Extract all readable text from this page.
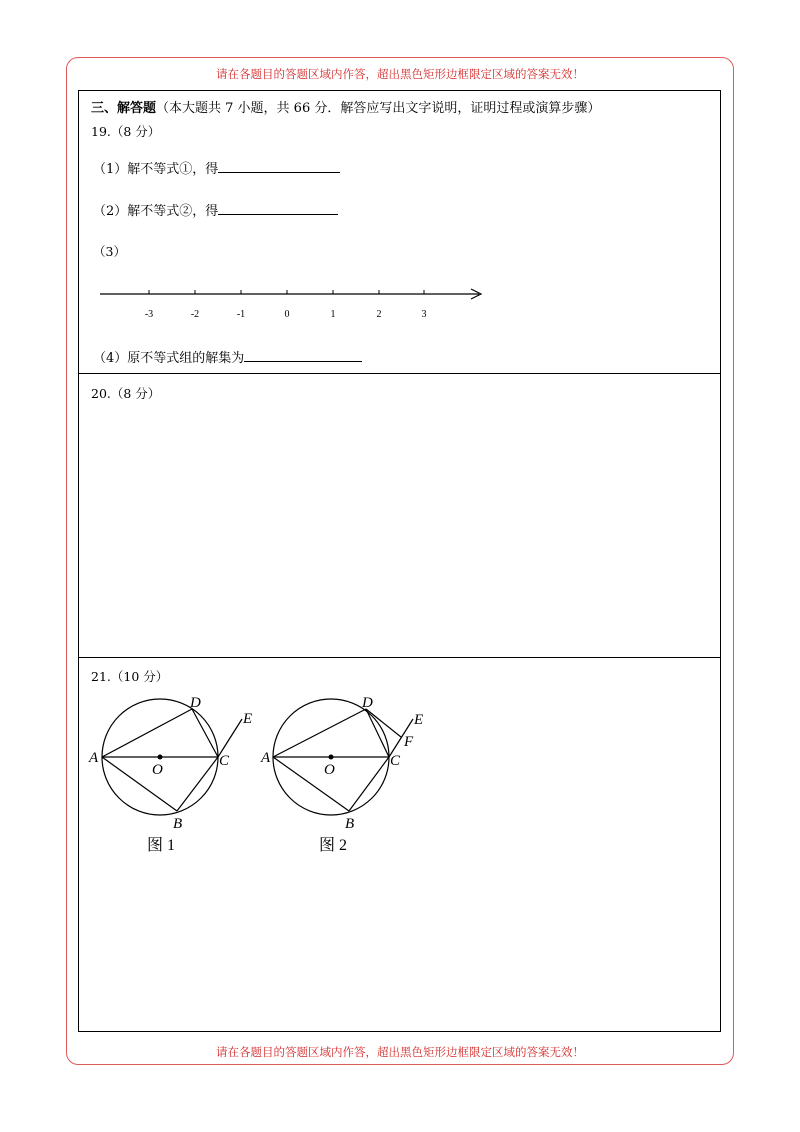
请在各题目的答题区域内作答，超出黑色矩形边框限定区域的答案无效！
三、解答题（本大题共 7 小题，共 66 分．解答应写出文字说明，证明过程或演算步骤）
19.（8 分）
（1）解不等式①，得
（2）解不等式②，得
（3）
-3	-2	-1	0	1	2	3
（4）原不等式组的解集为
20.（8 分）
21.（10 分）
A
B
C
D
E
O
图 1
A
B
C
D
E
F
O
图 2
请在各题目的答题区域内作答，超出黑色矩形边框限定区域的答案无效！
